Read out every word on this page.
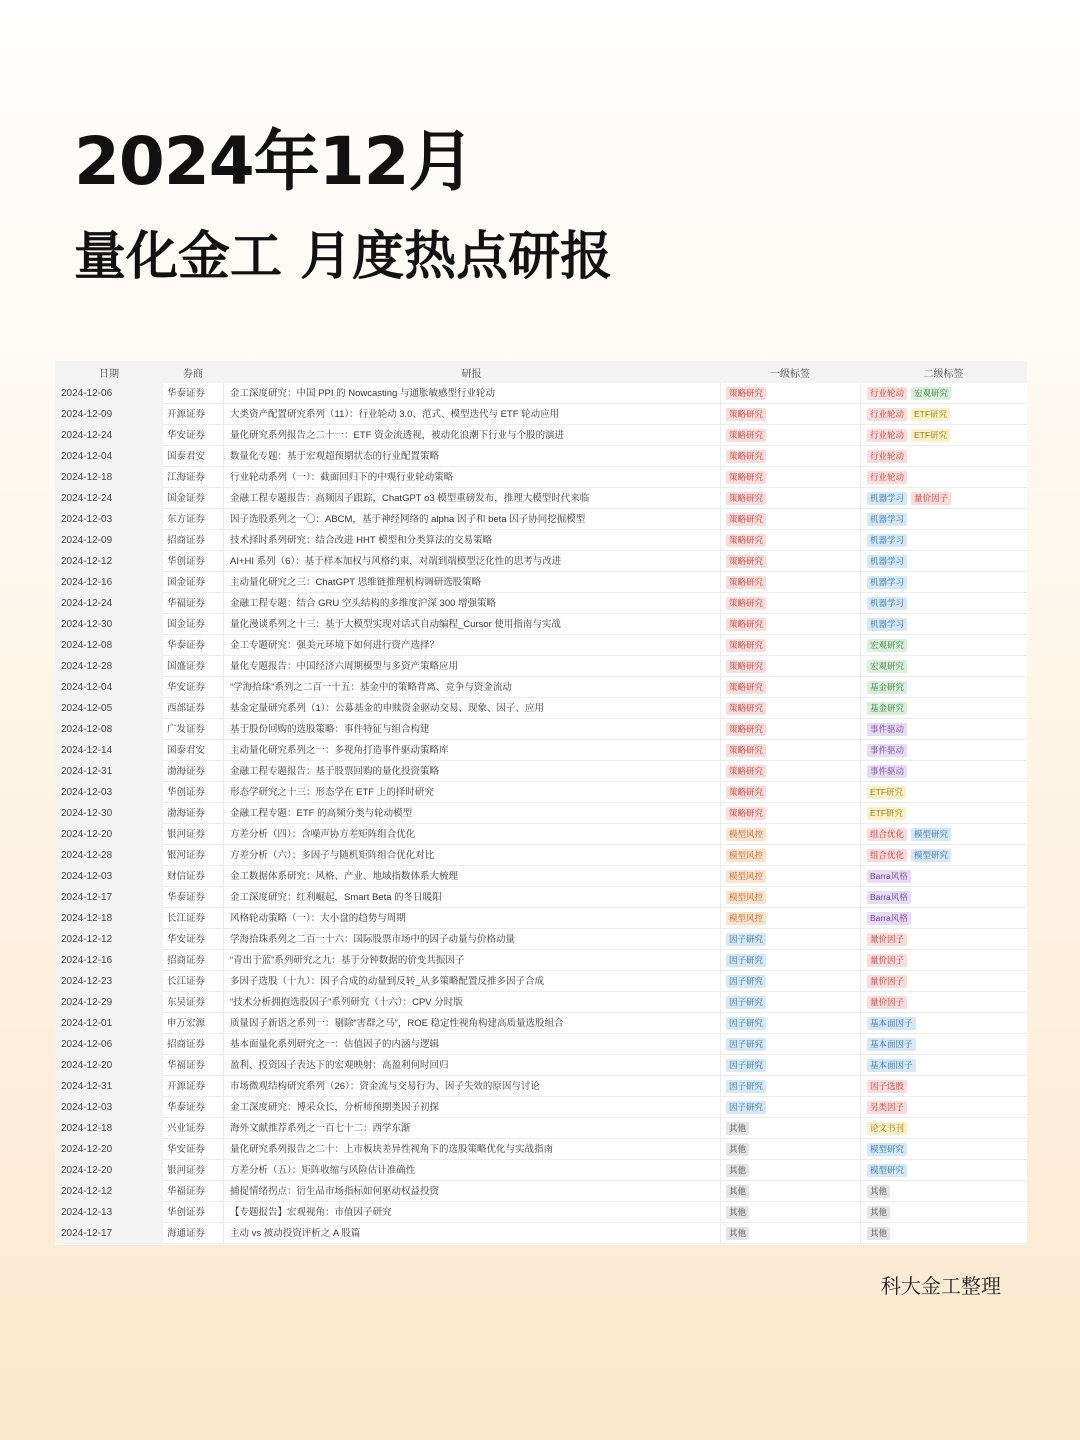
2024年12月
量化金工 月度热点研报
日期	券商	研报	一级标签	二级标签
2024-12-06	华泰证券	金工深度研究：中国 PPI 的 Nowcasting 与通胀敏感型行业轮动	策略研究	行业轮动	宏观研究
2024-12-09	开源证券	大类资产配置研究系列（11）：行业轮动 3.0、范式、模型迭代与 ETF 轮动应用	策略研究	行业轮动	ETF研究
2024-12-24	华安证券	量化研究系列报告之二十一：ETF 资金流透视，被动化浪潮下行业与个股的演进	策略研究	行业轮动	ETF研究
2024-12-04	国泰君安	数量化专题：基于宏观超预期状态的行业配置策略	策略研究	行业轮动
2024-12-18	江海证券	行业轮动系列（一）：截面回归下的中观行业轮动策略	策略研究	行业轮动
2024-12-24	国金证券	金融工程专题报告：高频因子跟踪，ChatGPT o3 模型重磅发布，推理大模型时代来临	策略研究	机器学习	量价因子
2024-12-03	东方证券	因子选股系列之一〇：ABCM，基于神经网络的 alpha 因子和 beta 因子协同挖掘模型	策略研究	机器学习
2024-12-09	招商证券	技术择时系列研究：结合改进 HHT 模型和分类算法的交易策略	策略研究	机器学习
2024-12-12	华创证券	AI+HI 系列（6）：基于样本加权与风格约束，对端到端模型泛化性的思考与改进	策略研究	机器学习
2024-12-16	国金证券	主动量化研究之三：ChatGPT 思维链推理机构调研选股策略	策略研究	机器学习
2024-12-24	华福证券	金融工程专题：结合 GRU 空头结构的多维度沪深 300 增强策略	策略研究	机器学习
2024-12-30	国金证券	量化漫谈系列之十三：基于大模型实现对话式自动编程_Cursor 使用指南与实战	策略研究	机器学习
2024-12-08	华泰证券	金工专题研究：强美元环境下如何进行资产选择？	策略研究	宏观研究
2024-12-28	国盛证券	量化专题报告：中国经济六周期模型与多资产策略应用	策略研究	宏观研究
2024-12-04	华安证券	“学海拾珠”系列之二百一十五：基金中的策略背离、竞争与资金流动	策略研究	基金研究
2024-12-05	西部证券	基金定量研究系列（1）：公募基金的申赎资金驱动交易、现象、因子、应用	策略研究	基金研究
2024-12-08	广发证券	基于股份回购的选股策略：事件特征与组合构建	策略研究	事件驱动
2024-12-14	国泰君安	主动量化研究系列之一：多视角打造事件驱动策略库	策略研究	事件驱动
2024-12-31	渤海证券	金融工程专题报告：基于股票回购的量化投资策略	策略研究	事件驱动
2024-12-03	华创证券	形态学研究之十三：形态学在 ETF 上的择时研究	策略研究	ETF研究
2024-12-30	渤海证券	金融工程专题：ETF 的高频分类与轮动模型	策略研究	ETF研究
2024-12-20	银河证券	方差分析（四）：含噪声协方差矩阵组合优化	模型风控	组合优化	模型研究
2024-12-28	银河证券	方差分析（六）：多因子与随机矩阵组合优化对比	模型风控	组合优化	模型研究
2024-12-03	财信证券	金工数据体系研究：风格、产业、地域指数体系大梳理	模型风控	Barra风格
2024-12-17	华泰证券	金工深度研究：红利崛起，Smart Beta 的冬日暖阳	模型风控	Barra风格
2024-12-18	长江证券	风格轮动策略（一）：大小盘的趋势与周期	模型风控	Barra风格
2024-12-12	华安证券	学海拾珠系列之二百一十六：国际股票市场中的因子动量与价格动量	因子研究	量价因子
2024-12-16	招商证券	“青出于蓝”系列研究之九：基于分钟数据的价变共振因子	因子研究	量价因子
2024-12-23	长江证券	多因子选股（十九）：因子合成的动量到反转_从多策略配置反推多因子合成	因子研究	量价因子
2024-12-29	东吴证券	“技术分析拥抱选股因子”系列研究（十六）：CPV 分时版	因子研究	量价因子
2024-12-01	申万宏源	质量因子新语之系列一：剔除“害群之马”，ROE 稳定性视角构建高质量选股组合	因子研究	基本面因子
2024-12-06	招商证券	基本面量化系列研究之一：估值因子的内涵与逻辑	因子研究	基本面因子
2024-12-20	华福证券	盈利、投资因子表达下的宏观映射：高盈利何时回归	因子研究	基本面因子
2024-12-31	开源证券	市场微观结构研究系列（26）：资金流与交易行为、因子失效的原因与讨论	因子研究	因子选股
2024-12-03	华泰证券	金工深度研究：博采众长，分析师预期类因子初探	因子研究	另类因子
2024-12-18	兴业证券	海外文献推荐系列之一百七十二：西学东渐	其他	论文书刊
2024-12-20	华安证券	量化研究系列报告之二十：上市板块差异性视角下的选股策略优化与实战指南	其他	模型研究
2024-12-20	银河证券	方差分析（五）：矩阵收缩与风险估计准确性	其他	模型研究
2024-12-12	华福证券	捕捉情绪拐点：衍生品市场指标如何驱动权益投资	其他	其他
2024-12-13	华创证券	【专题报告】宏观视角：市值因子研究	其他	其他
2024-12-17	海通证券	主动 vs 被动投资评析之 A 股篇	其他	其他
科大金工整理
